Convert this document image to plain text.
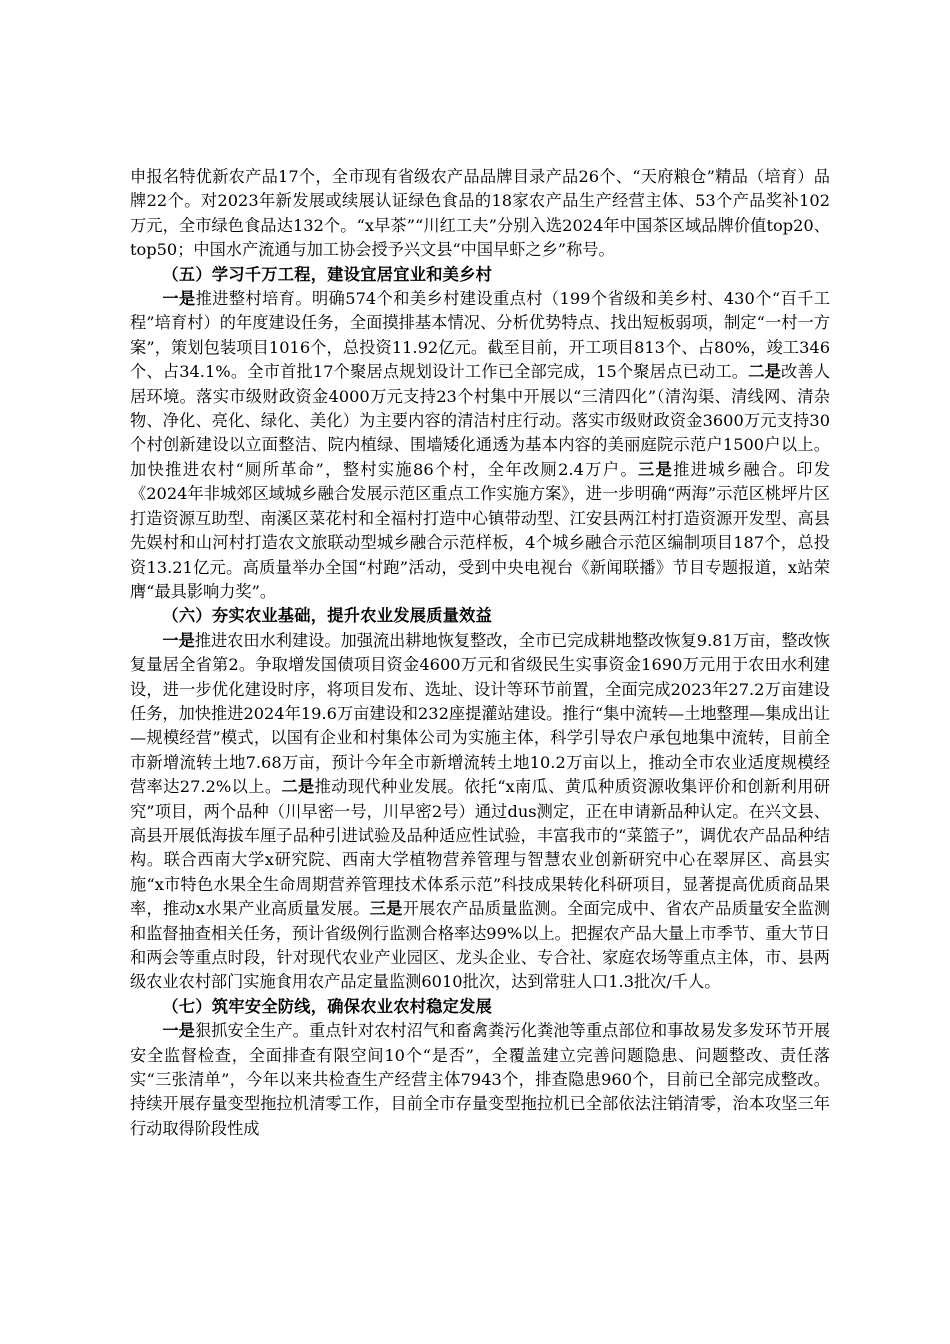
申报名特优新农产品17个，全市现有省级农产品品牌目录产品26个、“天府粮仓”精品（培育）品牌22个。对2023年新发展或续展认证绿色食品的18家农产品生产经营主体、53个产品奖补102万元，全市绿色食品达132个。“x早茶”“川红工夫”分别入选2024年中国茶区域品牌价值top20、top50；中国水产流通与加工协会授予兴文县“中国早虾之乡”称号。

（五）学习千万工程，建设宜居宜业和美乡村

一是推进整村培育。明确574个和美乡村建设重点村（199个省级和美乡村、430个“百千工程”培育村）的年度建设任务，全面摸排基本情况、分析优势特点、找出短板弱项，制定“一村一方案”，策划包装项目1016个，总投资11.92亿元。截至目前，开工项目813个、占80%，竣工346个、占34.1%。全市首批17个聚居点规划设计工作已全部完成，15个聚居点已动工。二是改善人居环境。落实市级财政资金4000万元支持23个村集中开展以“三清四化”（清沟渠、清线网、清杂物、净化、亮化、绿化、美化）为主要内容的清洁村庄行动。落实市级财政资金3600万元支持30个村创新建设以立面整洁、院内植绿、围墙矮化通透为基本内容的美丽庭院示范户1500户以上。加快推进农村“厕所革命”，整村实施86个村，全年改厕2.4万户。三是推进城乡融合。印发《2024年非城郊区域城乡融合发展示范区重点工作实施方案》，进一步明确“两海”示范区桃坪片区打造资源互助型、南溪区菜花村和全福村打造中心镇带动型、江安县两江村打造资源开发型、高县先娱村和山河村打造农文旅联动型城乡融合示范样板，4个城乡融合示范区编制项目187个，总投资13.21亿元。高质量举办全国“村跑”活动，受到中央电视台《新闻联播》节目专题报道，x站荣膺“最具影响力奖”。

（六）夯实农业基础，提升农业发展质量效益

一是推进农田水利建设。加强流出耕地恢复整改，全市已完成耕地整改恢复9.81万亩，整改恢复量居全省第2。争取增发国债项目资金4600万元和省级民生实事资金1690万元用于农田水利建设，进一步优化建设时序，将项目发布、选址、设计等环节前置，全面完成2023年27.2万亩建设任务，加快推进2024年19.6万亩建设和232座提灌站建设。推行“集中流转—土地整理—集成出让—规模经营”模式，以国有企业和村集体公司为实施主体，科学引导农户承包地集中流转，目前全市新增流转土地7.68万亩，预计今年全市新增流转土地10.2万亩以上，推动全市农业适度规模经营率达27.2%以上。二是推动现代种业发展。依托“x南瓜、黄瓜种质资源收集评价和创新利用研究”项目，两个品种（川早密一号，川早密2号）通过dus测定，正在申请新品种认定。在兴文县、高县开展低海拔车厘子品种引进试验及品种适应性试验，丰富我市的“菜篮子”，调优农产品品种结构。联合西南大学x研究院、西南大学植物营养管理与智慧农业创新研究中心在翠屏区、高县实施“x市特色水果全生命周期营养管理技术体系示范”科技成果转化科研项目，显著提高优质商品果率，推动x水果产业高质量发展。三是开展农产品质量监测。全面完成中、省农产品质量安全监测和监督抽查相关任务，预计省级例行监测合格率达99%以上。把握农产品大量上市季节、重大节日和两会等重点时段，针对现代农业产业园区、龙头企业、专合社、家庭农场等重点主体，市、县两级农业农村部门实施食用农产品定量监测6010批次，达到常驻人口1.3批次/千人。

（七）筑牢安全防线，确保农业农村稳定发展

一是狠抓安全生产。重点针对农村沼气和畜禽粪污化粪池等重点部位和事故易发多发环节开展安全监督检查，全面排查有限空间10个“是否”，全覆盖建立完善问题隐患、问题整改、责任落实“三张清单”，今年以来共检查生产经营主体7943个，排查隐患960个，目前已全部完成整改。持续开展存量变型拖拉机清零工作，目前全市存量变型拖拉机已全部依法注销清零，治本攻坚三年行动取得阶段性成
